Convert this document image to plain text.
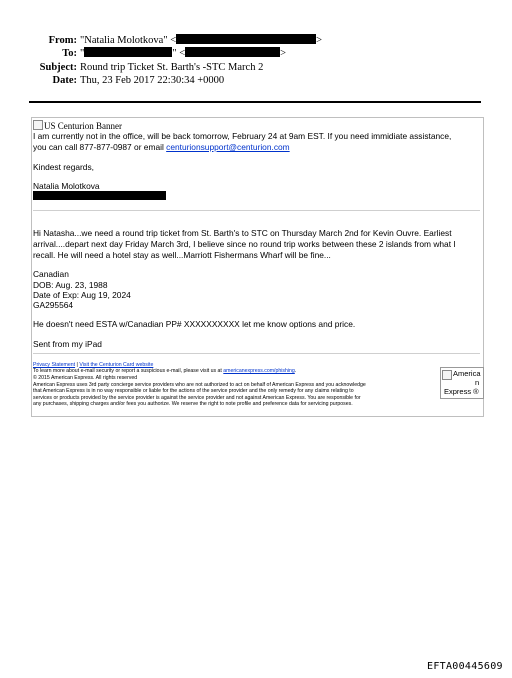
From: "Natalia Molotkova" <	>
To: "	" <	>
Subject: Round trip Ticket St. Barth's -STC March 2
Date: Thu, 23 Feb 2017 22:30:34 +0000
US Centurion Banner
I am currently not in the office, will be back tomorrow, February 24 at 9am EST. If you need immidiate assistance,
you can call 877-877-0987 or email centurionsupport@centurion.com
Kindest regards,
Natalia Molotkova
Hi Natasha...we need a round trip ticket from St. Barth's to STC on Thursday March 2nd for Kevin Ouvre. Earliest
arrival....depart next day Friday March 3rd, I believe since no round trip works between these 2 islands from what I
recall. He will need a hotel stay as well...Marriott Fishermans Wharf will be fine...
Canadian
DOB: Aug. 23, 1988
Date of Exp: Aug 19, 2024
GA295564
He doesn't need ESTA w/Canadian PP# XXXXXXXXXX let me know options and price.
Sent from my iPad
Privacy Statement | Visit the Centurion Card website
To learn more about e-mail security or report a suspicious e-mail, please visit us at americanexpress.com/phishing.
© 2015 American Express. All rights reserved
American Express uses 3rd party concierge service providers who are not authorized to act on behalf of American Express and you acknowledge
that American Express is in no way responsible or liable for the actions of the service provider and the only remedy for any claims relating to
services or products provided by the service provider is against the service provider and not against American Express. You are responsible for
any purchases, shipping charges and/or fees you authorize. We reserve the right to note profile and preference data for servicing purposes.
America
n
Express ®
EFTA00445609
